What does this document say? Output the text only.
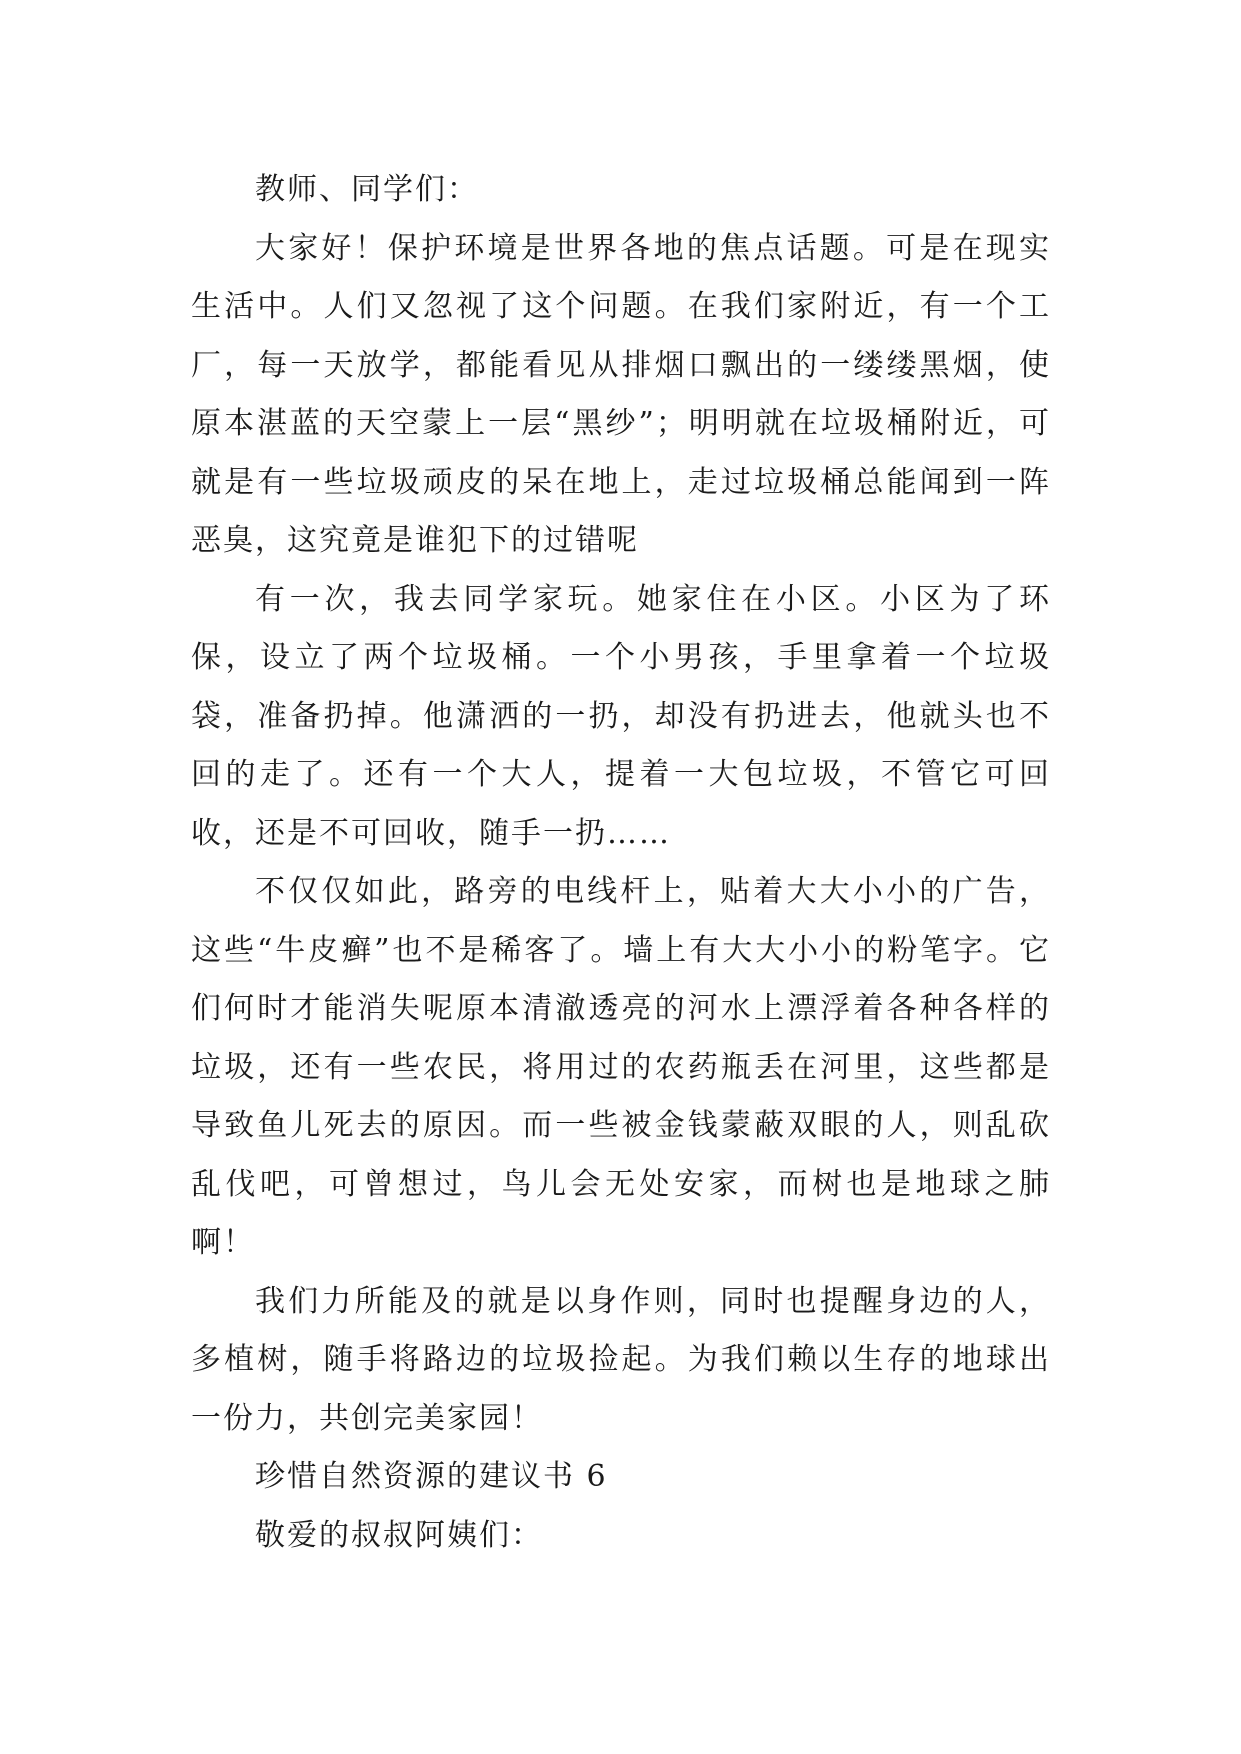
教师、同学们：

大家好！保护环境是世界各地的焦点话题。可是在现实生活中。人们又忽视了这个问题。在我们家附近，有一个工厂，每一天放学，都能看见从排烟口飘出的一缕缕黑烟，使原本湛蓝的天空蒙上一层“黑纱”；明明就在垃圾桶附近，可就是有一些垃圾顽皮的呆在地上，走过垃圾桶总能闻到一阵恶臭，这究竟是谁犯下的过错呢

有一次，我去同学家玩。她家住在小区。小区为了环保，设立了两个垃圾桶。一个小男孩，手里拿着一个垃圾袋，准备扔掉。他潇洒的一扔，却没有扔进去，他就头也不回的走了。还有一个大人，提着一大包垃圾，不管它可回收，还是不可回收，随手一扔……

不仅仅如此，路旁的电线杆上，贴着大大小小的广告，这些“牛皮癣”也不是稀客了。墙上有大大小小的粉笔字。它们何时才能消失呢原本清澈透亮的河水上漂浮着各种各样的垃圾，还有一些农民，将用过的农药瓶丢在河里，这些都是导致鱼儿死去的原因。而一些被金钱蒙蔽双眼的人，则乱砍乱伐吧，可曾想过，鸟儿会无处安家，而树也是地球之肺啊！

我们力所能及的就是以身作则，同时也提醒身边的人，多植树，随手将路边的垃圾捡起。为我们赖以生存的地球出一份力，共创完美家园！

珍惜自然资源的建议书 6

敬爱的叔叔阿姨们：
